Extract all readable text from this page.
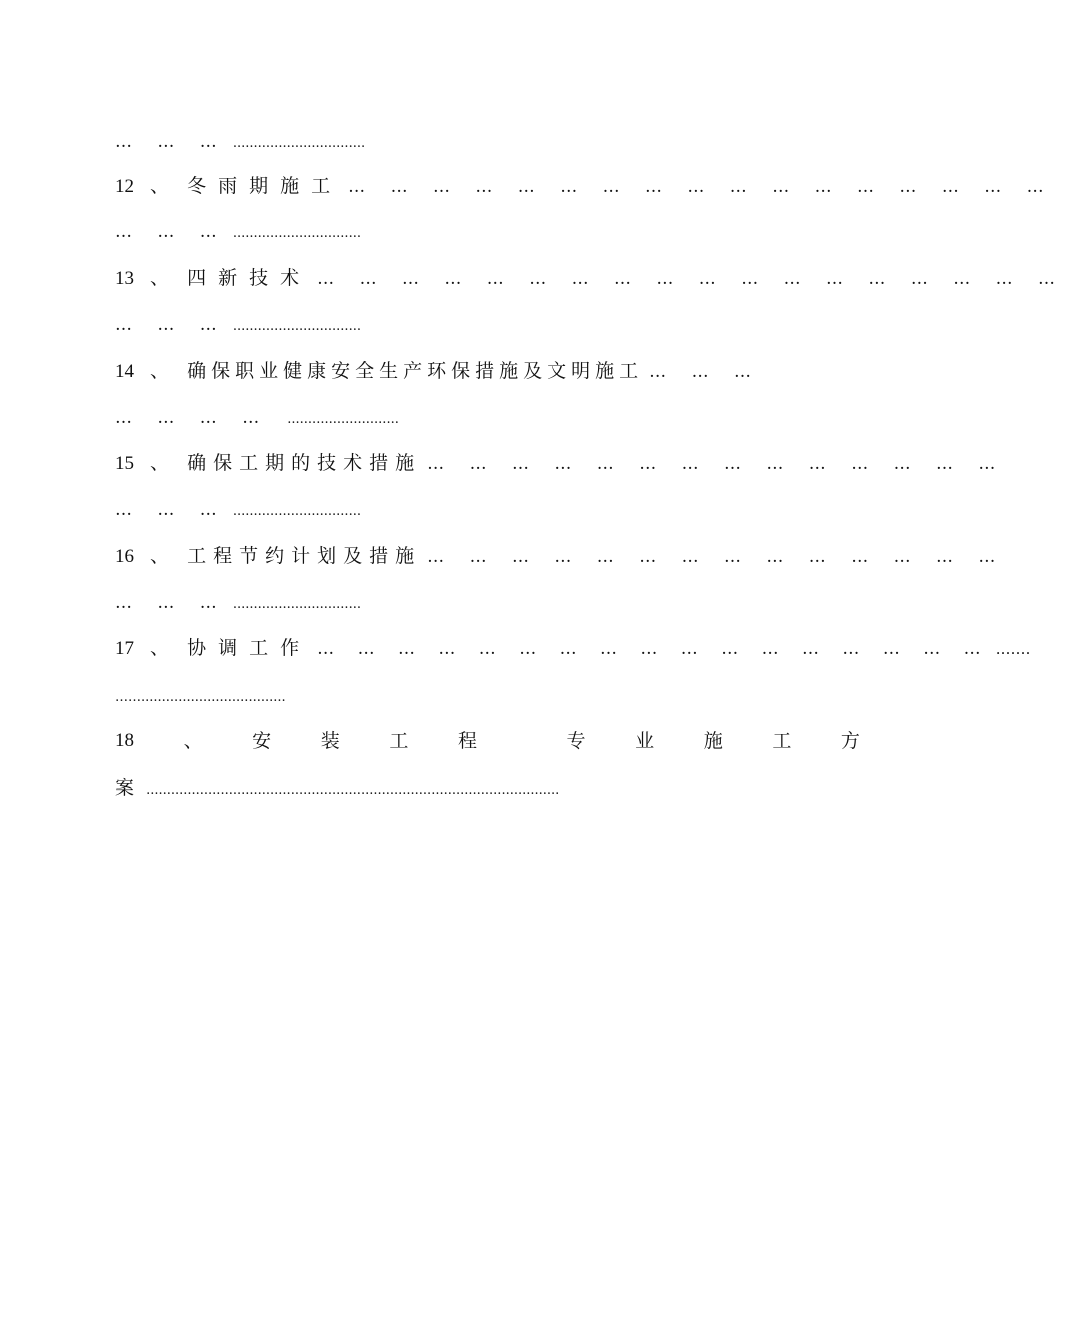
… … … ................................
12 、 冬雨期施工 … … … … … … … … … … … … … … … … …
… … … ...............................
13 、 四新技术 … … … … … … … … … … … … … … … … … …
… … … ...............................
14 、 确保职业健康安全生产环保措施及文明施工 … … …
… … … … ...........................
15 、 确保工期的技术措施 … … … … … … … … … … … … … …
… … … ...............................
16 、 工程节约计划及措施 … … … … … … … … … … … … … …
… … … ...............................
17 、 协调工作 … … … … … … … … … … … … … … … … … .……
……...................................
18	、	安	装	工	程	专	业	施	工	方
案 ....................................................................................................
